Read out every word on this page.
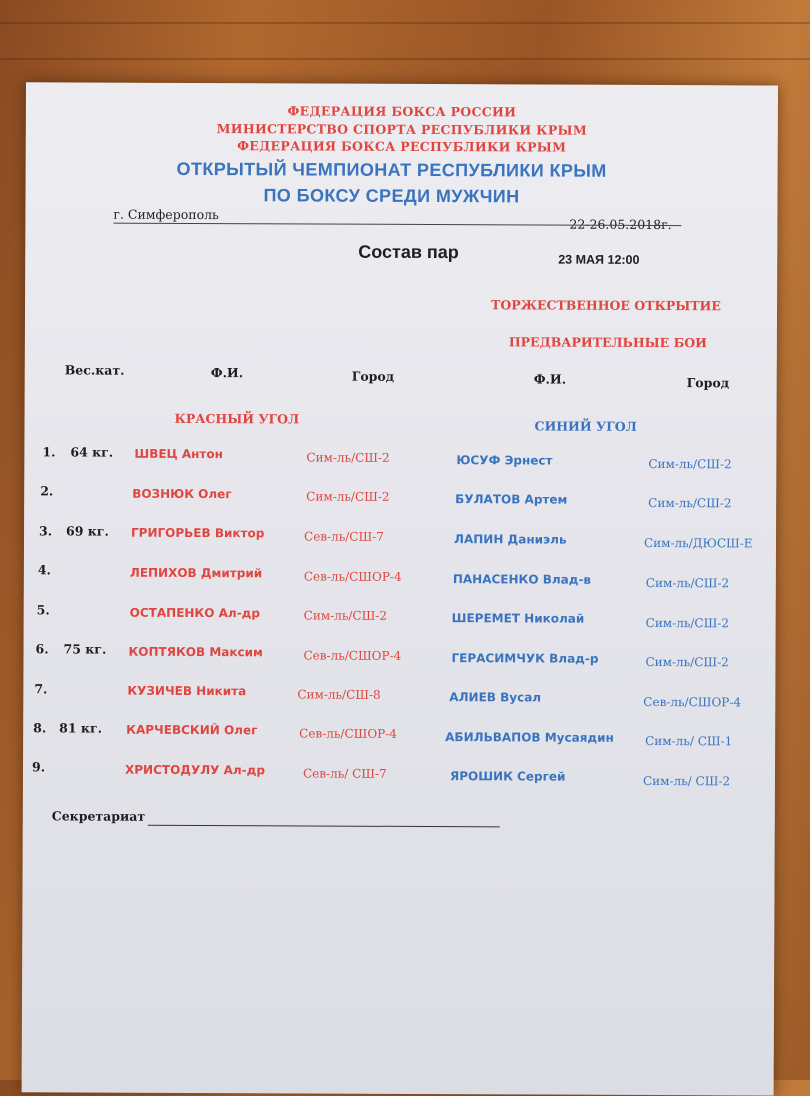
ФЕДЕРАЦИЯ БОКСА РОССИИ
МИНИСТЕРСТВО СПОРТА РЕСПУБЛИКИ КРЫМ
ФЕДЕРАЦИЯ БОКСА РЕСПУБЛИКИ КРЫМ
ОТКРЫТЫЙ ЧЕМПИОНАТ РЕСПУБЛИКИ КРЫМ
ПО БОКСУ СРЕДИ МУЖЧИН
г. Симферополь
22-26.05.2018г.
Состав пар	23 МАЯ 12:00
ТОРЖЕСТВЕННОЕ ОТКРЫТИЕ
ПРЕДВАРИТЕЛЬНЫЕ БОИ
Вес.кат.	Ф.И.	Город	Ф.И.	Город
КРАСНЫЙ УГОЛ	СИНИЙ УГОЛ
1. 64 кг. ШВЕЦ Антон	Сим-ль/СШ-2	ЮСУФ Эрнест	Сим-ль/СШ-2
2.	ВОЗНЮК Олег	Сим-ль/СШ-2	БУЛАТОВ Артем	Сим-ль/СШ-2
3. 69 кг. ГРИГОРЬЕВ Виктор	Сев-ль/СШ-7	ЛАПИН Даниэль	Сим-ль/ДЮСШ-Е
4.	ЛЕПИХОВ Дмитрий	Сев-ль/СШОР-4	ПАНАСЕНКО Влад-в	Сим-ль/СШ-2
5.	ОСТАПЕНКО Ал-др	Сим-ль/СШ-2	ШЕРЕМЕТ Николай	Сим-ль/СШ-2
6. 75 кг. КОПТЯКОВ Максим	Сев-ль/СШОР-4	ГЕРАСИМЧУК Влад-р	Сим-ль/СШ-2
7.	КУЗИЧЕВ Никита	Сим-ль/СШ-8	АЛИЕВ Вусал	Сев-ль/СШОР-4
8. 81 кг. КАРЧЕВСКИЙ Олег	Сев-ль/СШОР-4	АБИЛЬВАПОВ Мусаядин	Сим-ль/ СШ-1
9.	ХРИСТОДУЛУ Ал-др	Сев-ль/ СШ-7	ЯРОШИК Сергей	Сим-ль/ СШ-2
Секретариат
